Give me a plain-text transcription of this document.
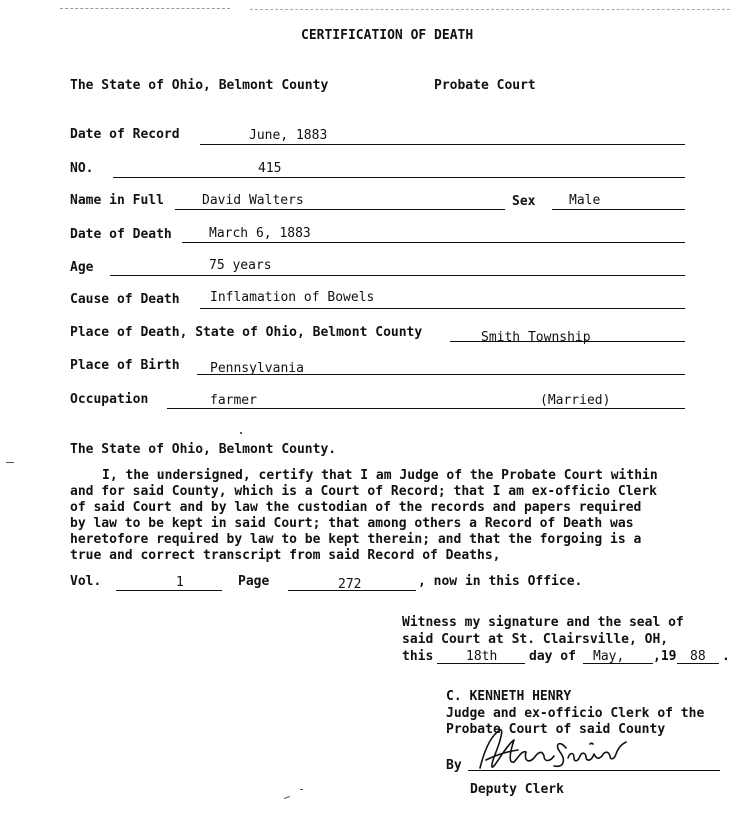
CERTIFICATION OF DEATH
The State of Ohio, Belmont County	Probate Court
Date of Record	June, 1883
NO.	415
Name in Full	David Walters	Sex	Male
Date of Death	March 6, 1883
Age	75 years
Cause of Death Inflamation of Bowels
Place of Death, State of Ohio, Belmont County	Smith Township
Place of Birth Pennsylvania
Occupation	farmer	(Married)
The State of Ohio, Belmont County.
I, the undersigned, certify that I am Judge of the Probate Court within
and for said County, which is a Court of Record; that I am ex-officio Clerk
of said Court and by law the custodian of the records and papers required
by law to be kept in said Court; that among others a Record of Death was
heretofore required by law to be kept therein; and that the forgoing is a
true and correct transcript from said Record of Deaths,
Vol.	1	Page	272	, now in this Office.
Witness my signature and the seal of
said Court at St. Clairsville, OH,
this	18th day of May, ,19 88 .
C. KENNETH HENRY
Judge and ex-officio Clerk of the
Probate Court of said County
By
Deputy Clerk
